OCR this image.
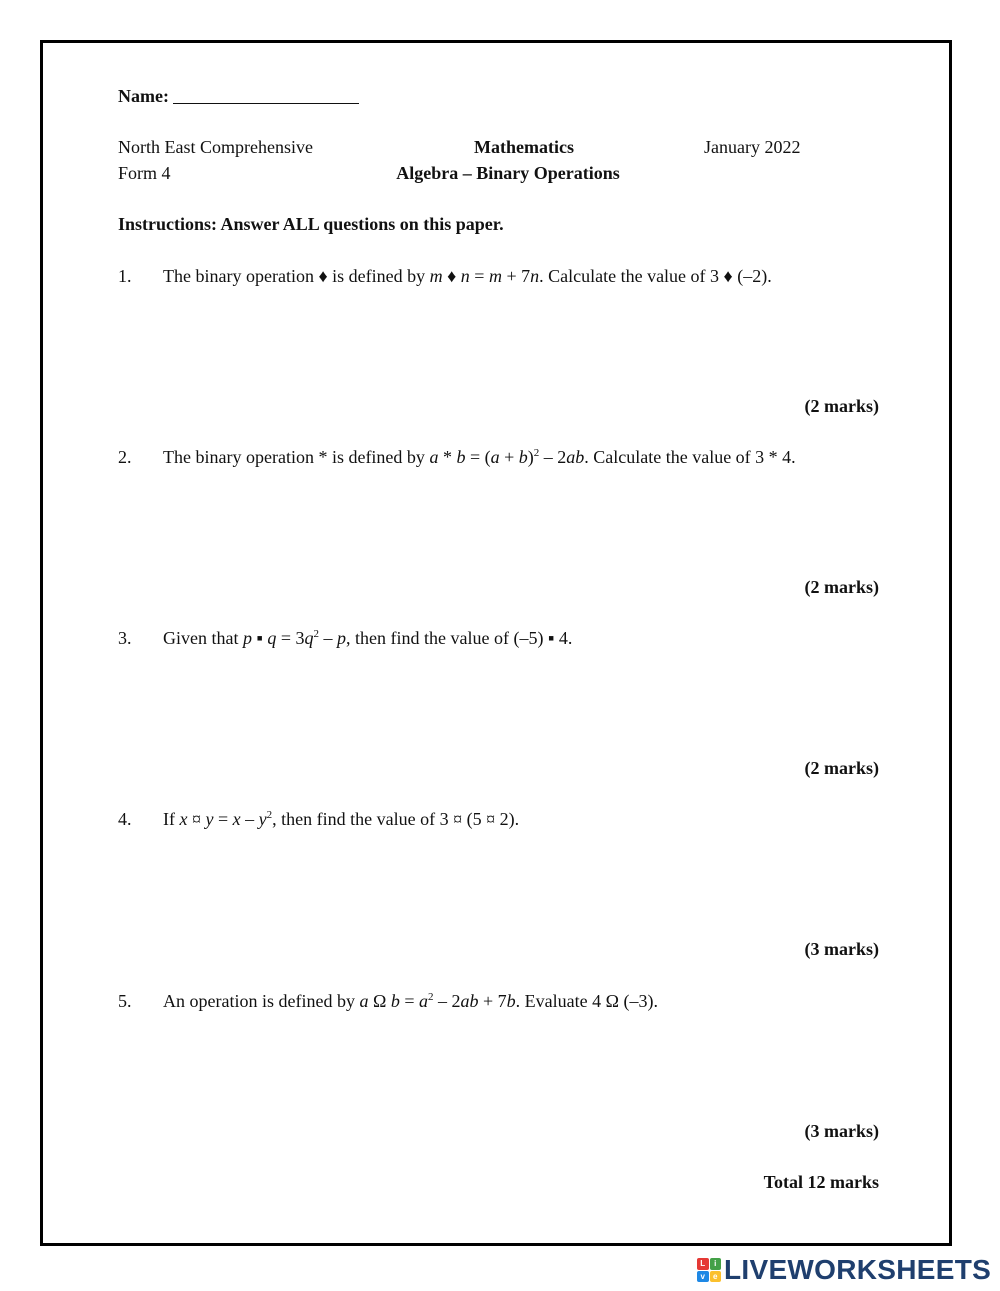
Name:
North East Comprehensive
Form 4
Mathematics
Algebra – Binary Operations
January 2022
Instructions: Answer ALL questions on this paper.
1. The binary operation ♦ is defined by m ♦ n = m + 7n. Calculate the value of 3 ♦ (–2).
(2 marks)
2. The binary operation * is defined by $a * b = (a + b)^2 - 2ab$. Calculate the value of 3 * 4.
(2 marks)
3. Given that p ▪ $q = 3q^2 - p$, then find the value of (–5) ▪ 4.
(2 marks)
4. If x ¤ $y = x - y^2$, then find the value of 3 ¤ (5 ¤ 2).
(3 marks)
5. An operation is defined by a Ω $b = a^2 - 2ab + 7b$. Evaluate 4 Ω (–3).
(3 marks)
Total 12 marks
L	i
v	e LIVEWORKSHEETS
